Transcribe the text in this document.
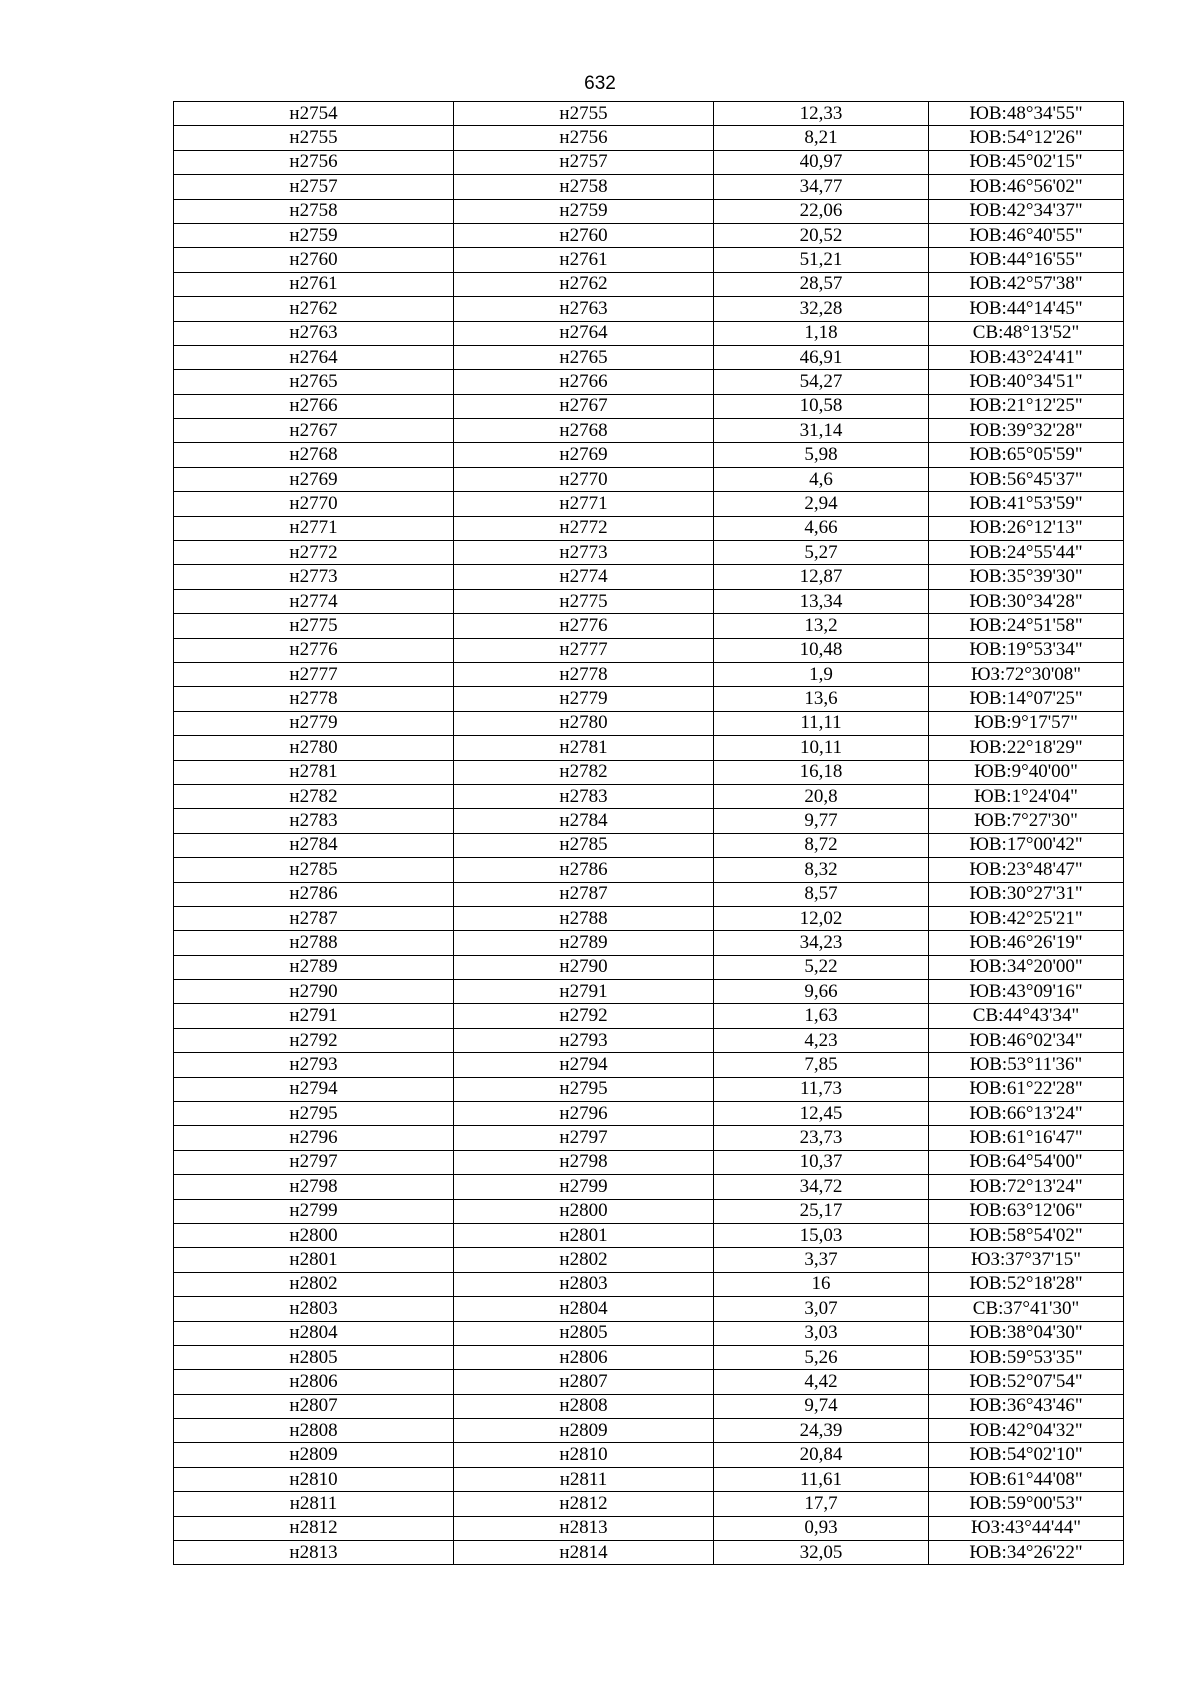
632
н2754	н2755	12,33	ЮВ:48°34'55"
н2755	н2756	8,21	ЮВ:54°12'26"
н2756	н2757	40,97	ЮВ:45°02'15"
н2757	н2758	34,77	ЮВ:46°56'02"
н2758	н2759	22,06	ЮВ:42°34'37"
н2759	н2760	20,52	ЮВ:46°40'55"
н2760	н2761	51,21	ЮВ:44°16'55"
н2761	н2762	28,57	ЮВ:42°57'38"
н2762	н2763	32,28	ЮВ:44°14'45"
н2763	н2764	1,18	СВ:48°13'52"
н2764	н2765	46,91	ЮВ:43°24'41"
н2765	н2766	54,27	ЮВ:40°34'51"
н2766	н2767	10,58	ЮВ:21°12'25"
н2767	н2768	31,14	ЮВ:39°32'28"
н2768	н2769	5,98	ЮВ:65°05'59"
н2769	н2770	4,6	ЮВ:56°45'37"
н2770	н2771	2,94	ЮВ:41°53'59"
н2771	н2772	4,66	ЮВ:26°12'13"
н2772	н2773	5,27	ЮВ:24°55'44"
н2773	н2774	12,87	ЮВ:35°39'30"
н2774	н2775	13,34	ЮВ:30°34'28"
н2775	н2776	13,2	ЮВ:24°51'58"
н2776	н2777	10,48	ЮВ:19°53'34"
н2777	н2778	1,9	ЮЗ:72°30'08"
н2778	н2779	13,6	ЮВ:14°07'25"
н2779	н2780	11,11	ЮВ:9°17'57"
н2780	н2781	10,11	ЮВ:22°18'29"
н2781	н2782	16,18	ЮВ:9°40'00"
н2782	н2783	20,8	ЮВ:1°24'04"
н2783	н2784	9,77	ЮВ:7°27'30"
н2784	н2785	8,72	ЮВ:17°00'42"
н2785	н2786	8,32	ЮВ:23°48'47"
н2786	н2787	8,57	ЮВ:30°27'31"
н2787	н2788	12,02	ЮВ:42°25'21"
н2788	н2789	34,23	ЮВ:46°26'19"
н2789	н2790	5,22	ЮВ:34°20'00"
н2790	н2791	9,66	ЮВ:43°09'16"
н2791	н2792	1,63	СВ:44°43'34"
н2792	н2793	4,23	ЮВ:46°02'34"
н2793	н2794	7,85	ЮВ:53°11'36"
н2794	н2795	11,73	ЮВ:61°22'28"
н2795	н2796	12,45	ЮВ:66°13'24"
н2796	н2797	23,73	ЮВ:61°16'47"
н2797	н2798	10,37	ЮВ:64°54'00"
н2798	н2799	34,72	ЮВ:72°13'24"
н2799	н2800	25,17	ЮВ:63°12'06"
н2800	н2801	15,03	ЮВ:58°54'02"
н2801	н2802	3,37	ЮЗ:37°37'15"
н2802	н2803	16	ЮВ:52°18'28"
н2803	н2804	3,07	СВ:37°41'30"
н2804	н2805	3,03	ЮВ:38°04'30"
н2805	н2806	5,26	ЮВ:59°53'35"
н2806	н2807	4,42	ЮВ:52°07'54"
н2807	н2808	9,74	ЮВ:36°43'46"
н2808	н2809	24,39	ЮВ:42°04'32"
н2809	н2810	20,84	ЮВ:54°02'10"
н2810	н2811	11,61	ЮВ:61°44'08"
н2811	н2812	17,7	ЮВ:59°00'53"
н2812	н2813	0,93	ЮЗ:43°44'44"
н2813	н2814	32,05	ЮВ:34°26'22"
